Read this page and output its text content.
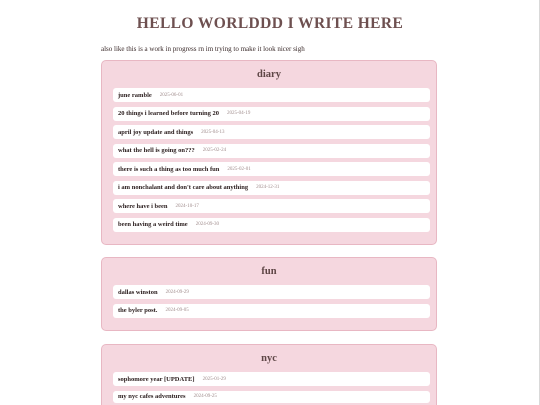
HELLO WORLDDD I WRITE HERE

also like this is a work in progress rn im trying to make it look nicer sigh

diary
june ramble 2025-06-01
20 things i learned before turning 20 2025-04-19
april joy update and things 2025-04-13
what the hell is going on??? 2025-02-24
there is such a thing as too much fun 2025-02-01
i am nonchalant and don't care about anything 2024-12-31
where have i been 2024-10-17
been having a weird time 2024-09-30
fun
dallas winston 2024-09-29
the byler post. 2024-09-05
nyc
sophomore year [UPDATE] 2025-01-29
my nyc cafes adventures 2024-09-25
